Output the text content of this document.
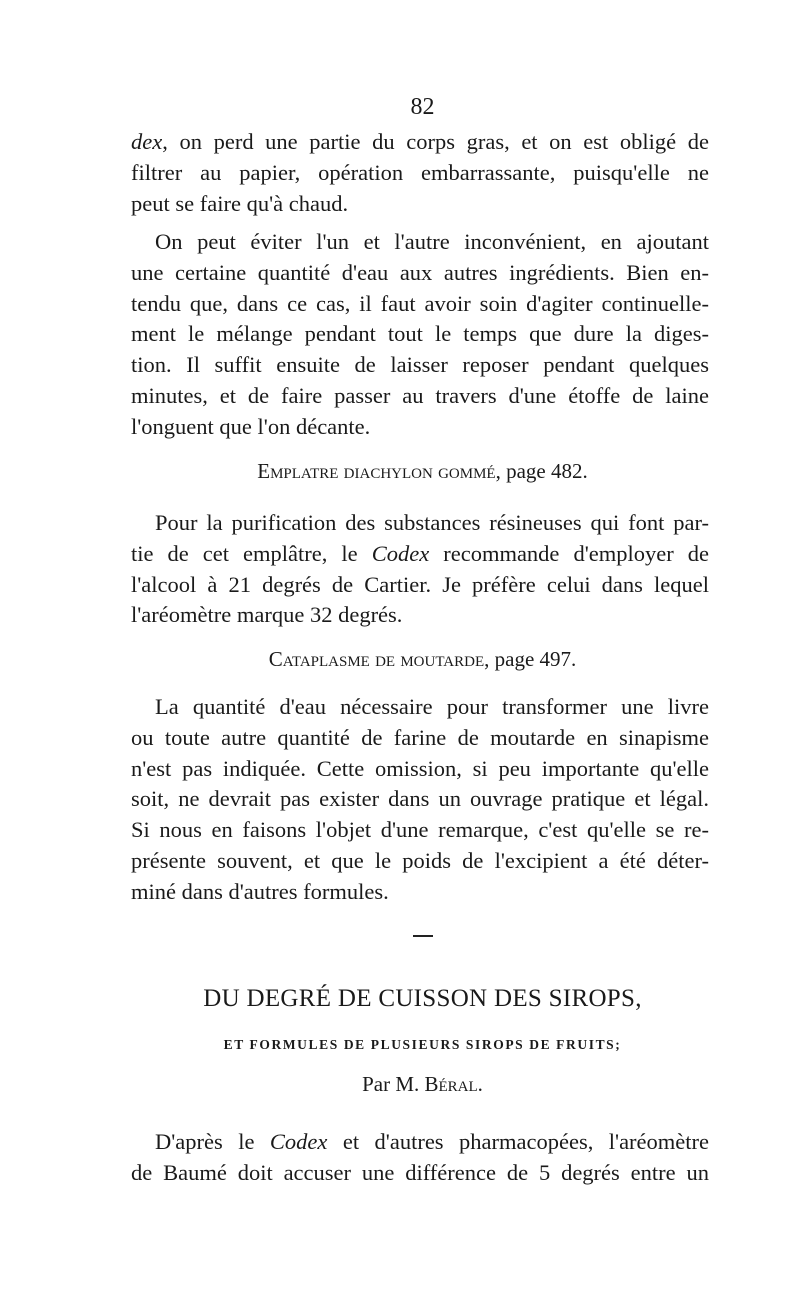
82
dex, on perd une partie du corps gras, et on est obligé de
filtrer au papier, opération embarrassante, puisqu'elle ne
peut se faire qu'à chaud.
On peut éviter l'un et l'autre inconvénient, en ajoutant
une certaine quantité d'eau aux autres ingrédients. Bien en-
tendu que, dans ce cas, il faut avoir soin d'agiter continuelle-
ment le mélange pendant tout le temps que dure la diges-
tion. Il suffit ensuite de laisser reposer pendant quelques
minutes, et de faire passer au travers d'une étoffe de laine
l'onguent que l'on décante.
Emplatre diachylon gommé, page 482.
Pour la purification des substances résineuses qui font par-
tie de cet emplâtre, le Codex recommande d'employer de
l'alcool à 21 degrés de Cartier. Je préfère celui dans lequel
l'aréomètre marque 32 degrés.
Cataplasme de moutarde, page 497.
La quantité d'eau nécessaire pour transformer une livre
ou toute autre quantité de farine de moutarde en sinapisme
n'est pas indiquée. Cette omission, si peu importante qu'elle
soit, ne devrait pas exister dans un ouvrage pratique et légal.
Si nous en faisons l'objet d'une remarque, c'est qu'elle se re-
présente souvent, et que le poids de l'excipient a été déter-
miné dans d'autres formules.
DU DEGRÉ DE CUISSON DES SIROPS,
ET FORMULES DE PLUSIEURS SIROPS DE FRUITS;
Par M. Béral.
D'après le Codex et d'autres pharmacopées, l'aréomètre
de Baumé doit accuser une différence de 5 degrés entre un
